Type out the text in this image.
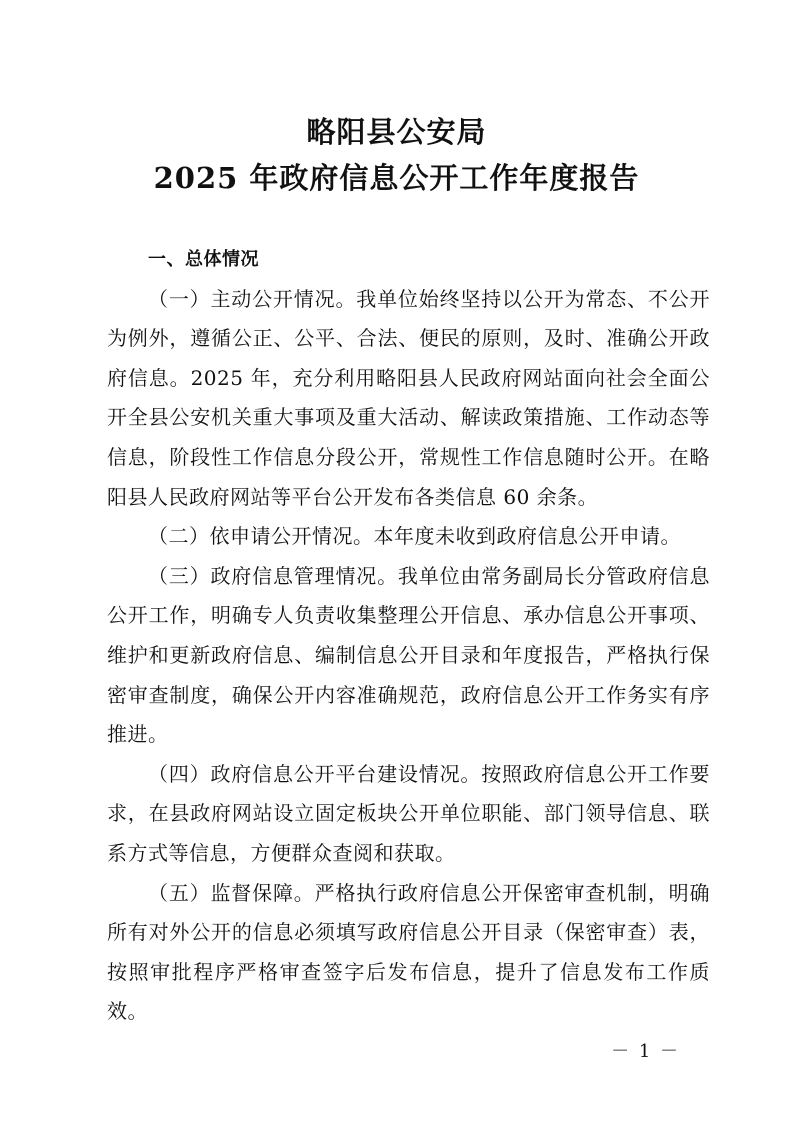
略阳县公安局
2025 年政府信息公开工作年度报告

一、总体情况

（一）主动公开情况。我单位始终坚持以公开为常态、不公开为例外，遵循公正、公平、合法、便民的原则，及时、准确公开政府信息。2025 年，充分利用略阳县人民政府网站面向社会全面公开全县公安机关重大事项及重大活动、解读政策措施、工作动态等信息，阶段性工作信息分段公开，常规性工作信息随时公开。在略阳县人民政府网站等平台公开发布各类信息 60 余条。

（二）依申请公开情况。本年度未收到政府信息公开申请。

（三）政府信息管理情况。我单位由常务副局长分管政府信息公开工作，明确专人负责收集整理公开信息、承办信息公开事项、维护和更新政府信息、编制信息公开目录和年度报告，严格执行保密审查制度，确保公开内容准确规范，政府信息公开工作务实有序推进。

（四）政府信息公开平台建设情况。按照政府信息公开工作要求，在县政府网站设立固定板块公开单位职能、部门领导信息、联系方式等信息，方便群众查阅和获取。

（五）监督保障。严格执行政府信息公开保密审查机制，明确所有对外公开的信息必须填写政府信息公开目录（保密审查）表，按照审批程序严格审查签字后发布信息，提升了信息发布工作质效。

－ 1 －
